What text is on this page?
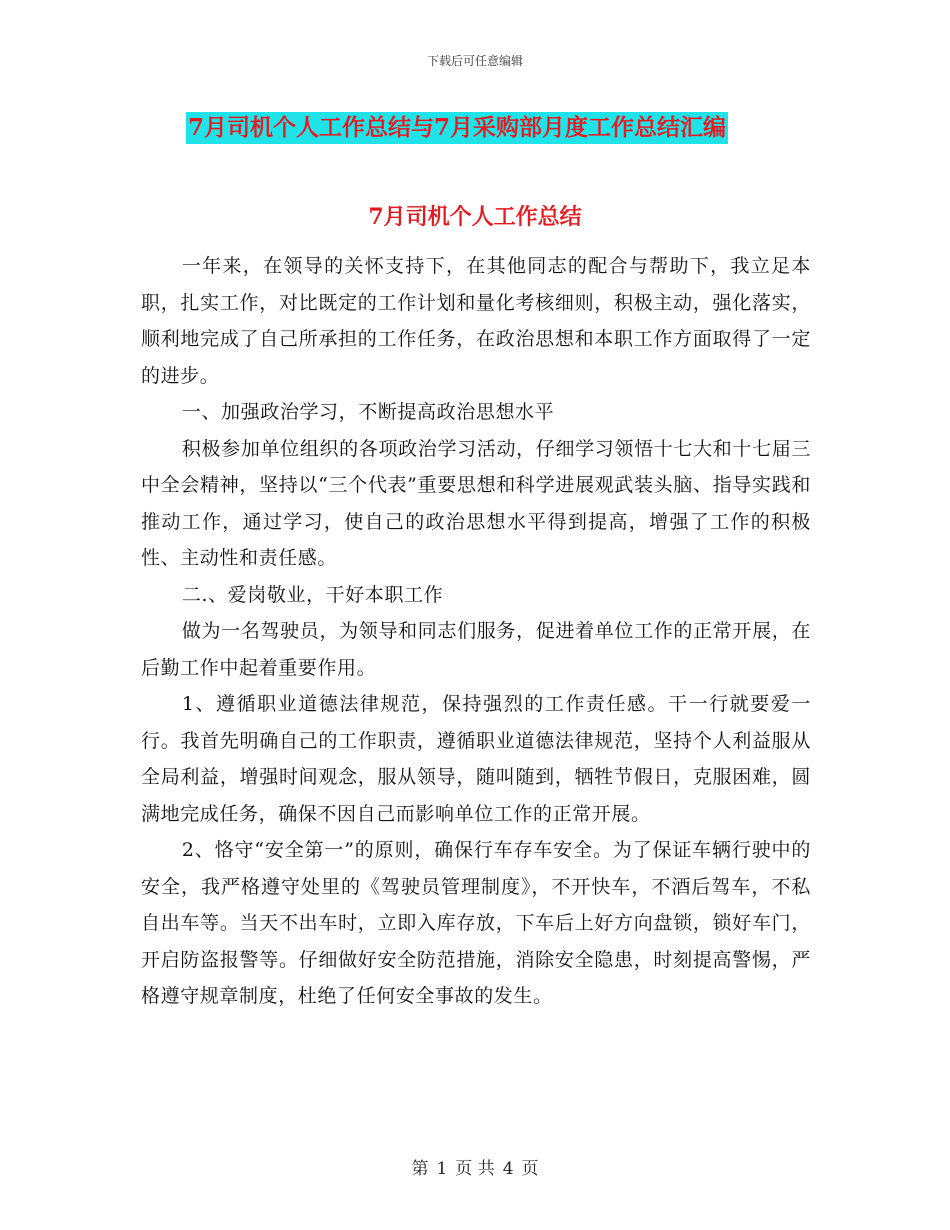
下载后可任意编辑
7月司机个人工作总结与7月采购部月度工作总结汇编
7月司机个人工作总结

一年来，在领导的关怀支持下，在其他同志的配合与帮助下，我立足本职，扎实工作，对比既定的工作计划和量化考核细则，积极主动，强化落实，顺利地完成了自己所承担的工作任务，在政治思想和本职工作方面取得了一定的进步。

一、加强政治学习，不断提高政治思想水平

积极参加单位组织的各项政治学习活动，仔细学习领悟十七大和十七届三中全会精神，坚持以“三个代表”重要思想和科学进展观武装头脑、指导实践和推动工作，通过学习，使自己的政治思想水平得到提高，增强了工作的积极性、主动性和责任感。

二.、爱岗敬业，干好本职工作

做为一名驾驶员，为领导和同志们服务，促进着单位工作的正常开展，在后勤工作中起着重要作用。

1、遵循职业道德法律规范，保持强烈的工作责任感。干一行就要爱一行。我首先明确自己的工作职责，遵循职业道德法律规范，坚持个人利益服从全局利益，增强时间观念，服从领导，随叫随到，牺牲节假日，克服困难，圆满地完成任务，确保不因自己而影响单位工作的正常开展。

2、恪守“安全第一”的原则，确保行车存车安全。为了保证车辆行驶中的安全，我严格遵守处里的《驾驶员管理制度》，不开快车，不酒后驾车，不私自出车等。当天不出车时，立即入库存放，下车后上好方向盘锁，锁好车门，开启防盗报警等。仔细做好安全防范措施，消除安全隐患，时刻提高警惕，严格遵守规章制度，杜绝了任何安全事故的发生。

第 1 页 共 4 页
